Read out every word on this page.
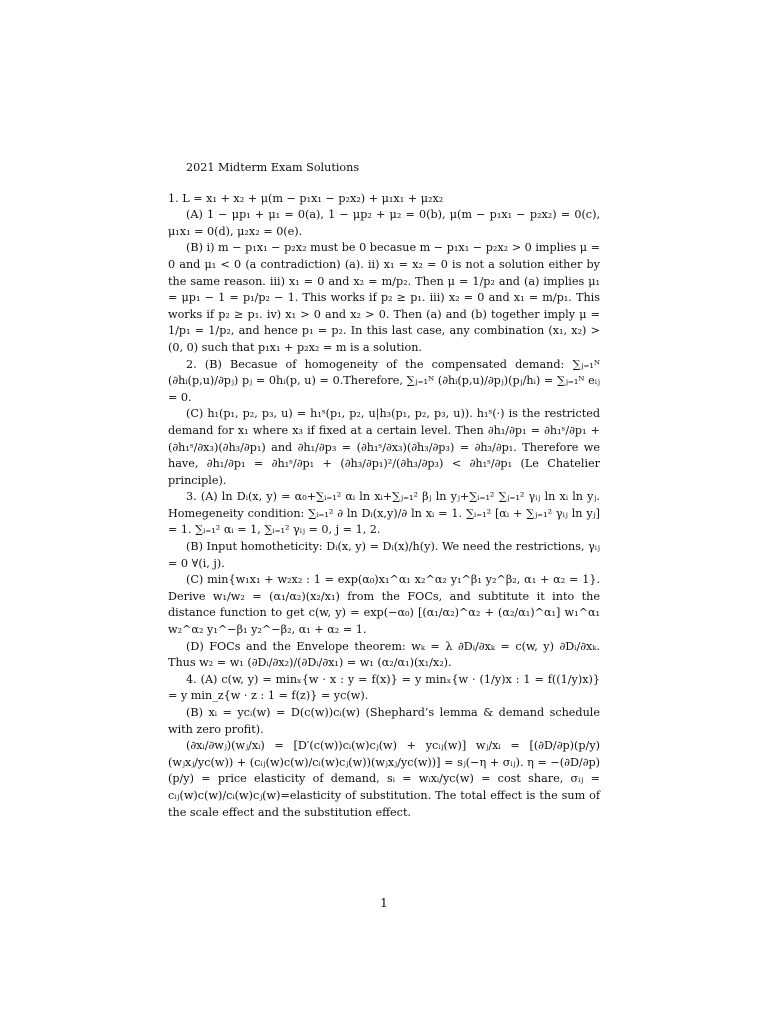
2021 Midterm Exam Solutions

1. L = x₁ + x₂ + μ(m − p₁x₁ − p₂x₂) + μ₁x₁ + μ₂x₂

(A) 1 − μp₁ + μ₁ = 0(a), 1 − μp₂ + μ₂ = 0(b), μ(m − p₁x₁ − p₂x₂) = 0(c), μ₁x₁ = 0(d), μ₂x₂ = 0(e).

(B) i) m − p₁x₁ − p₂x₂ must be 0 becasue m − p₁x₁ − p₂x₂ > 0 implies μ = 0 and μ₁ < 0 (a contradiction) (a). ii) x₁ = x₂ = 0 is not a solution either by the same reason. iii) x₁ = 0 and x₂ = m/p₂. Then μ = 1/p₂ and (a) implies μ₁ = μp₁ − 1 = p₁/p₂ − 1. This works if p₂ ≥ p₁. iii) x₂ = 0 and x₁ = m/p₁. This works if p₂ ≥ p₁. iv) x₁ > 0 and x₂ > 0. Then (a) and (b) together imply μ = 1/p₁ = 1/p₂, and hence p₁ = p₂. In this last case, any combination (x₁, x₂) > (0, 0) such that p₁x₁ + p₂x₂ = m is a solution.

2. (B) Becasue of homogeneity of the compensated demand: ∑ⱼ₌₁ᴺ (∂hᵢ(p,u)/∂pⱼ) pⱼ = 0hᵢ(p, u) = 0.Therefore, ∑ⱼ₌₁ᴺ (∂hᵢ(p,u)/∂pⱼ)(pⱼ/hᵢ) = ∑ⱼ₌₁ᴺ eᵢⱼ = 0.

(C) h₁(p₁, p₂, p₃, u) = h₁ˢ(p₁, p₂, u|h₃(p₁, p₂, p₃, u)). h₁ˢ(·) is the restricted demand for x₁ where x₃ if fixed at a certain level. Then ∂h₁/∂p₁ = ∂h₁ˢ/∂p₁ + (∂h₁ˢ/∂x₃)(∂h₃/∂p₁) and ∂h₁/∂p₃ = (∂h₁ˢ/∂x₃)(∂h₃/∂p₃) = ∂h₃/∂p₁. Therefore we have, ∂h₁/∂p₁ = ∂h₁ˢ/∂p₁ + (∂h₃/∂p₁)²/(∂h₃/∂p₃) < ∂h₁ˢ/∂p₁ (Le Chatelier principle).

3. (A) ln Dᵢ(x, y) = α₀+∑ᵢ₌₁² αᵢ ln xᵢ+∑ⱼ₌₁² βⱼ ln yⱼ+∑ᵢ₌₁² ∑ⱼ₌₁² γᵢⱼ ln xᵢ ln yⱼ. Homegeneity condition: ∑ᵢ₌₁² ∂ ln Dᵢ(x,y)/∂ ln xᵢ = 1. ∑ᵢ₌₁² [αᵢ + ∑ⱼ₌₁² γᵢⱼ ln yⱼ] = 1. ∑ᵢ₌₁² αᵢ = 1, ∑ᵢ₌₁² γᵢⱼ = 0, j = 1, 2.

(B) Input homotheticity: Dᵢ(x, y) = Dᵢ(x)/h(y). We need the restrictions, γᵢⱼ = 0 ∀(i, j).

(C) min{w₁x₁ + w₂x₂ : 1 = exp(α₀)x₁^α₁ x₂^α₂ y₁^β₁ y₂^β₂, α₁ + α₂ = 1}. Derive w₁/w₂ = (α₁/α₂)(x₂/x₁) from the FOCs, and subtitute it into the distance function to get c(w, y) = exp(−α₀) [(α₁/α₂)^α₂ + (α₂/α₁)^α₁] w₁^α₁ w₂^α₂ y₁^−β₁ y₂^−β₂, α₁ + α₂ = 1.

(D) FOCs and the Envelope theorem: wₖ = λ ∂Dᵢ/∂xₖ = c(w, y) ∂Dᵢ/∂xₖ. Thus w₂ = w₁ (∂Dᵢ/∂x₂)/(∂Dᵢ/∂x₁) = w₁ (α₂/α₁)(x₁/x₂).

4. (A) c(w, y) = minₓ{w · x : y = f(x)} = y minₓ{w · (1/y)x : 1 = f((1/y)x)} = y min_z{w · z : 1 = f(z)} = yc(w).

(B) xᵢ = ycᵢ(w) = D(c(w))cᵢ(w) (Shephard’s lemma & demand schedule with zero profit).

(∂xᵢ/∂wⱼ)(wⱼ/xᵢ) = [D′(c(w))cᵢ(w)cⱼ(w) + ycᵢⱼ(w)] wⱼ/xᵢ = [(∂D/∂p)(p/y)(wⱼxⱼ/yc(w)) + (cᵢⱼ(w)c(w)/cᵢ(w)cⱼ(w))(wⱼxⱼ/yc(w))] = sⱼ(−η + σᵢⱼ). η = −(∂D/∂p)(p/y) = price elasticity of demand, sᵢ = wᵢxᵢ/yc(w) = cost share, σᵢⱼ = cᵢⱼ(w)c(w)/cᵢ(w)cⱼ(w)=elasticity of substitution. The total effect is the sum of the scale effect and the substitution effect.

1
